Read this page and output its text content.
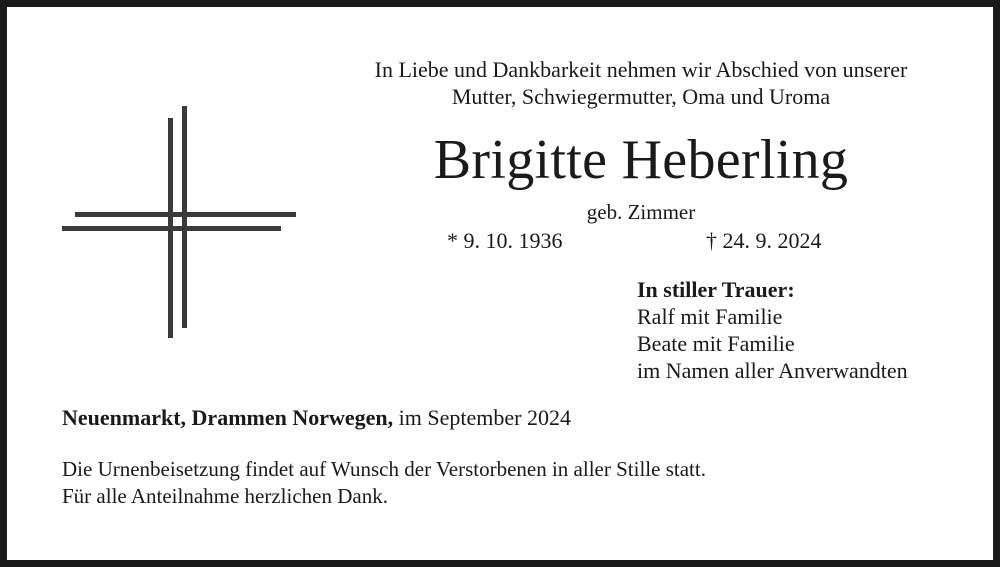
In Liebe und Dankbarkeit nehmen wir Abschied von unserer
Mutter, Schwiegermutter, Oma und Uroma
Brigitte Heberling
geb. Zimmer
* 9. 10. 1936	† 24. 9. 2024
In stiller Trauer:
Ralf mit Familie
Beate mit Familie
im Namen aller Anverwandten
Neuenmarkt, Drammen Norwegen, im September 2024
Die Urnenbeisetzung findet auf Wunsch der Verstorbenen in aller Stille statt.
Für alle Anteilnahme herzlichen Dank.
